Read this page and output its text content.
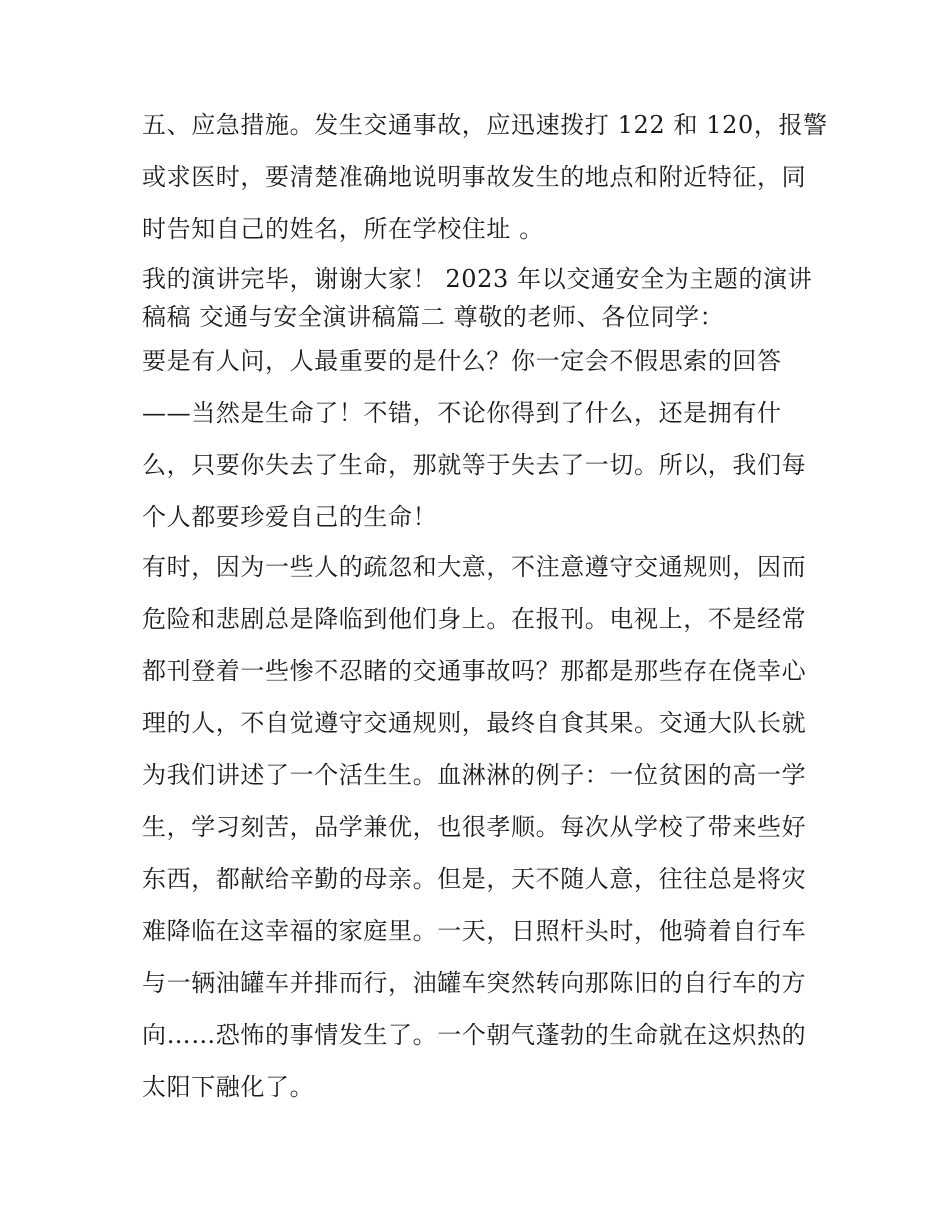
五、应急措施。发生交通事故，应迅速拨打 122 和 120，报警
或求医时，要清楚准确地说明事故发生的地点和附近特征，同
时告知自己的姓名，所在学校住址 。
我的演讲完毕，谢谢大家！ 2023 年以交通安全为主题的演讲
稿稿 交通与安全演讲稿篇二 尊敬的老师、各位同学：
要是有人问，人最重要的是什么？你一定会不假思索的回答
——当然是生命了！不错，不论你得到了什么，还是拥有什
么，只要你失去了生命，那就等于失去了一切。所以，我们每
个人都要珍爱自己的生命！
有时，因为一些人的疏忽和大意，不注意遵守交通规则，因而
危险和悲剧总是降临到他们身上。在报刊。电视上，不是经常
都刊登着一些惨不忍睹的交通事故吗？那都是那些存在侥幸心
理的人，不自觉遵守交通规则，最终自食其果。交通大队长就
为我们讲述了一个活生生。血淋淋的例子：一位贫困的高一学
生，学习刻苦，品学兼优，也很孝顺。每次从学校了带来些好
东西，都献给辛勤的母亲。但是，天不随人意，往往总是将灾
难降临在这幸福的家庭里。一天，日照杆头时，他骑着自行车
与一辆油罐车并排而行，油罐车突然转向那陈旧的自行车的方
向……恐怖的事情发生了。一个朝气蓬勃的生命就在这炽热的
太阳下融化了。
